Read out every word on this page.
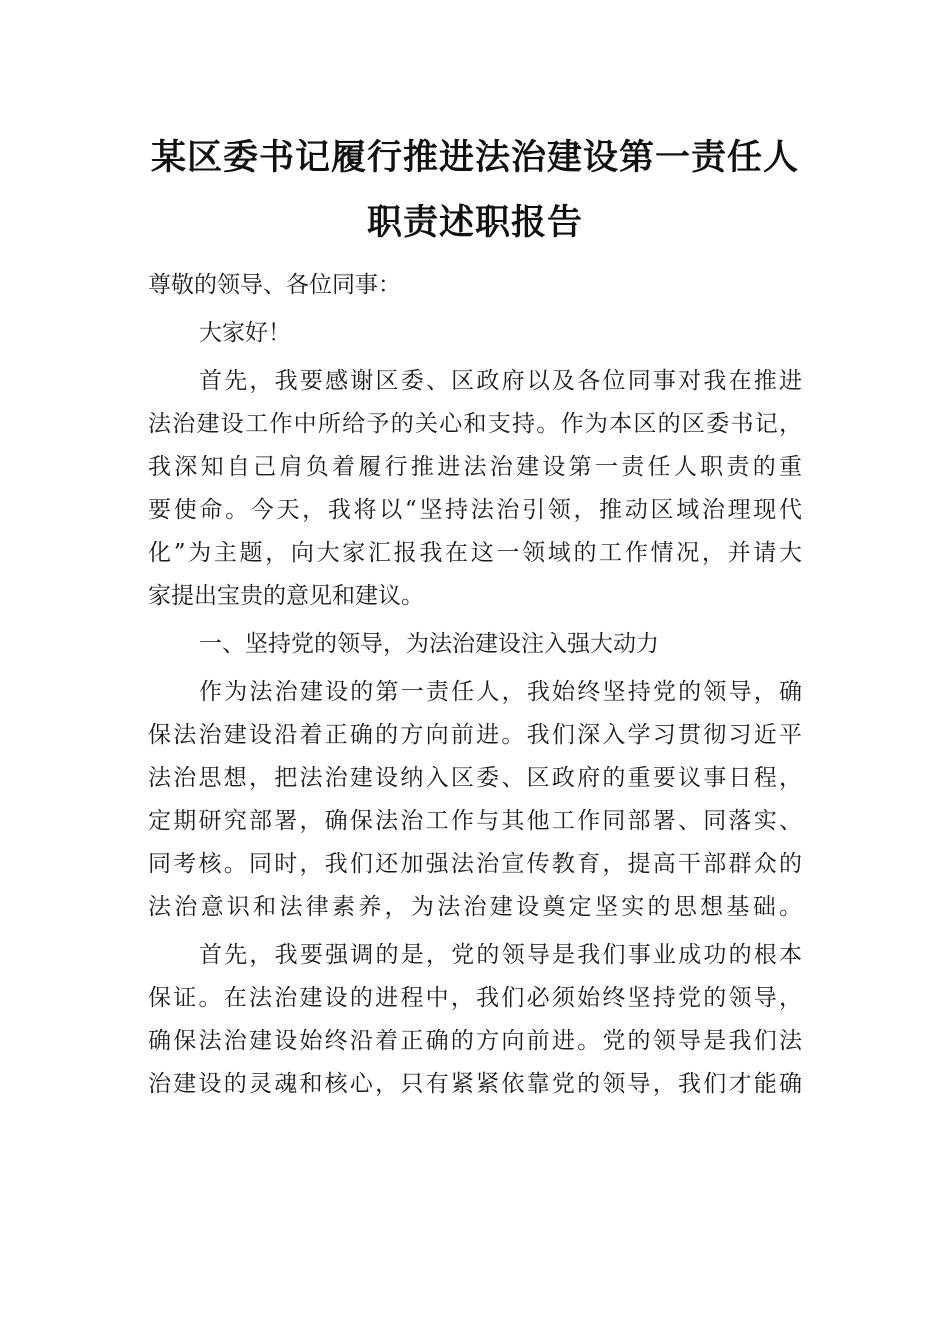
某区委书记履行推进法治建设第一责任人
职责述职报告
尊敬的领导、各位同事：
大家好！
首先，我要感谢区委、区政府以及各位同事对我在推进
法治建设工作中所给予的关心和支持。作为本区的区委书记，
我深知自己肩负着履行推进法治建设第一责任人职责的重
要使命。今天，我将以“坚持法治引领，推动区域治理现代
化”为主题，向大家汇报我在这一领域的工作情况，并请大
家提出宝贵的意见和建议。
一、坚持党的领导，为法治建设注入强大动力
作为法治建设的第一责任人，我始终坚持党的领导，确
保法治建设沿着正确的方向前进。我们深入学习贯彻习近平
法治思想，把法治建设纳入区委、区政府的重要议事日程，
定期研究部署，确保法治工作与其他工作同部署、同落实、
同考核。同时，我们还加强法治宣传教育，提高干部群众的
法治意识和法律素养，为法治建设奠定坚实的思想基础。
首先，我要强调的是，党的领导是我们事业成功的根本
保证。在法治建设的进程中，我们必须始终坚持党的领导，
确保法治建设始终沿着正确的方向前进。党的领导是我们法
治建设的灵魂和核心，只有紧紧依靠党的领导，我们才能确
